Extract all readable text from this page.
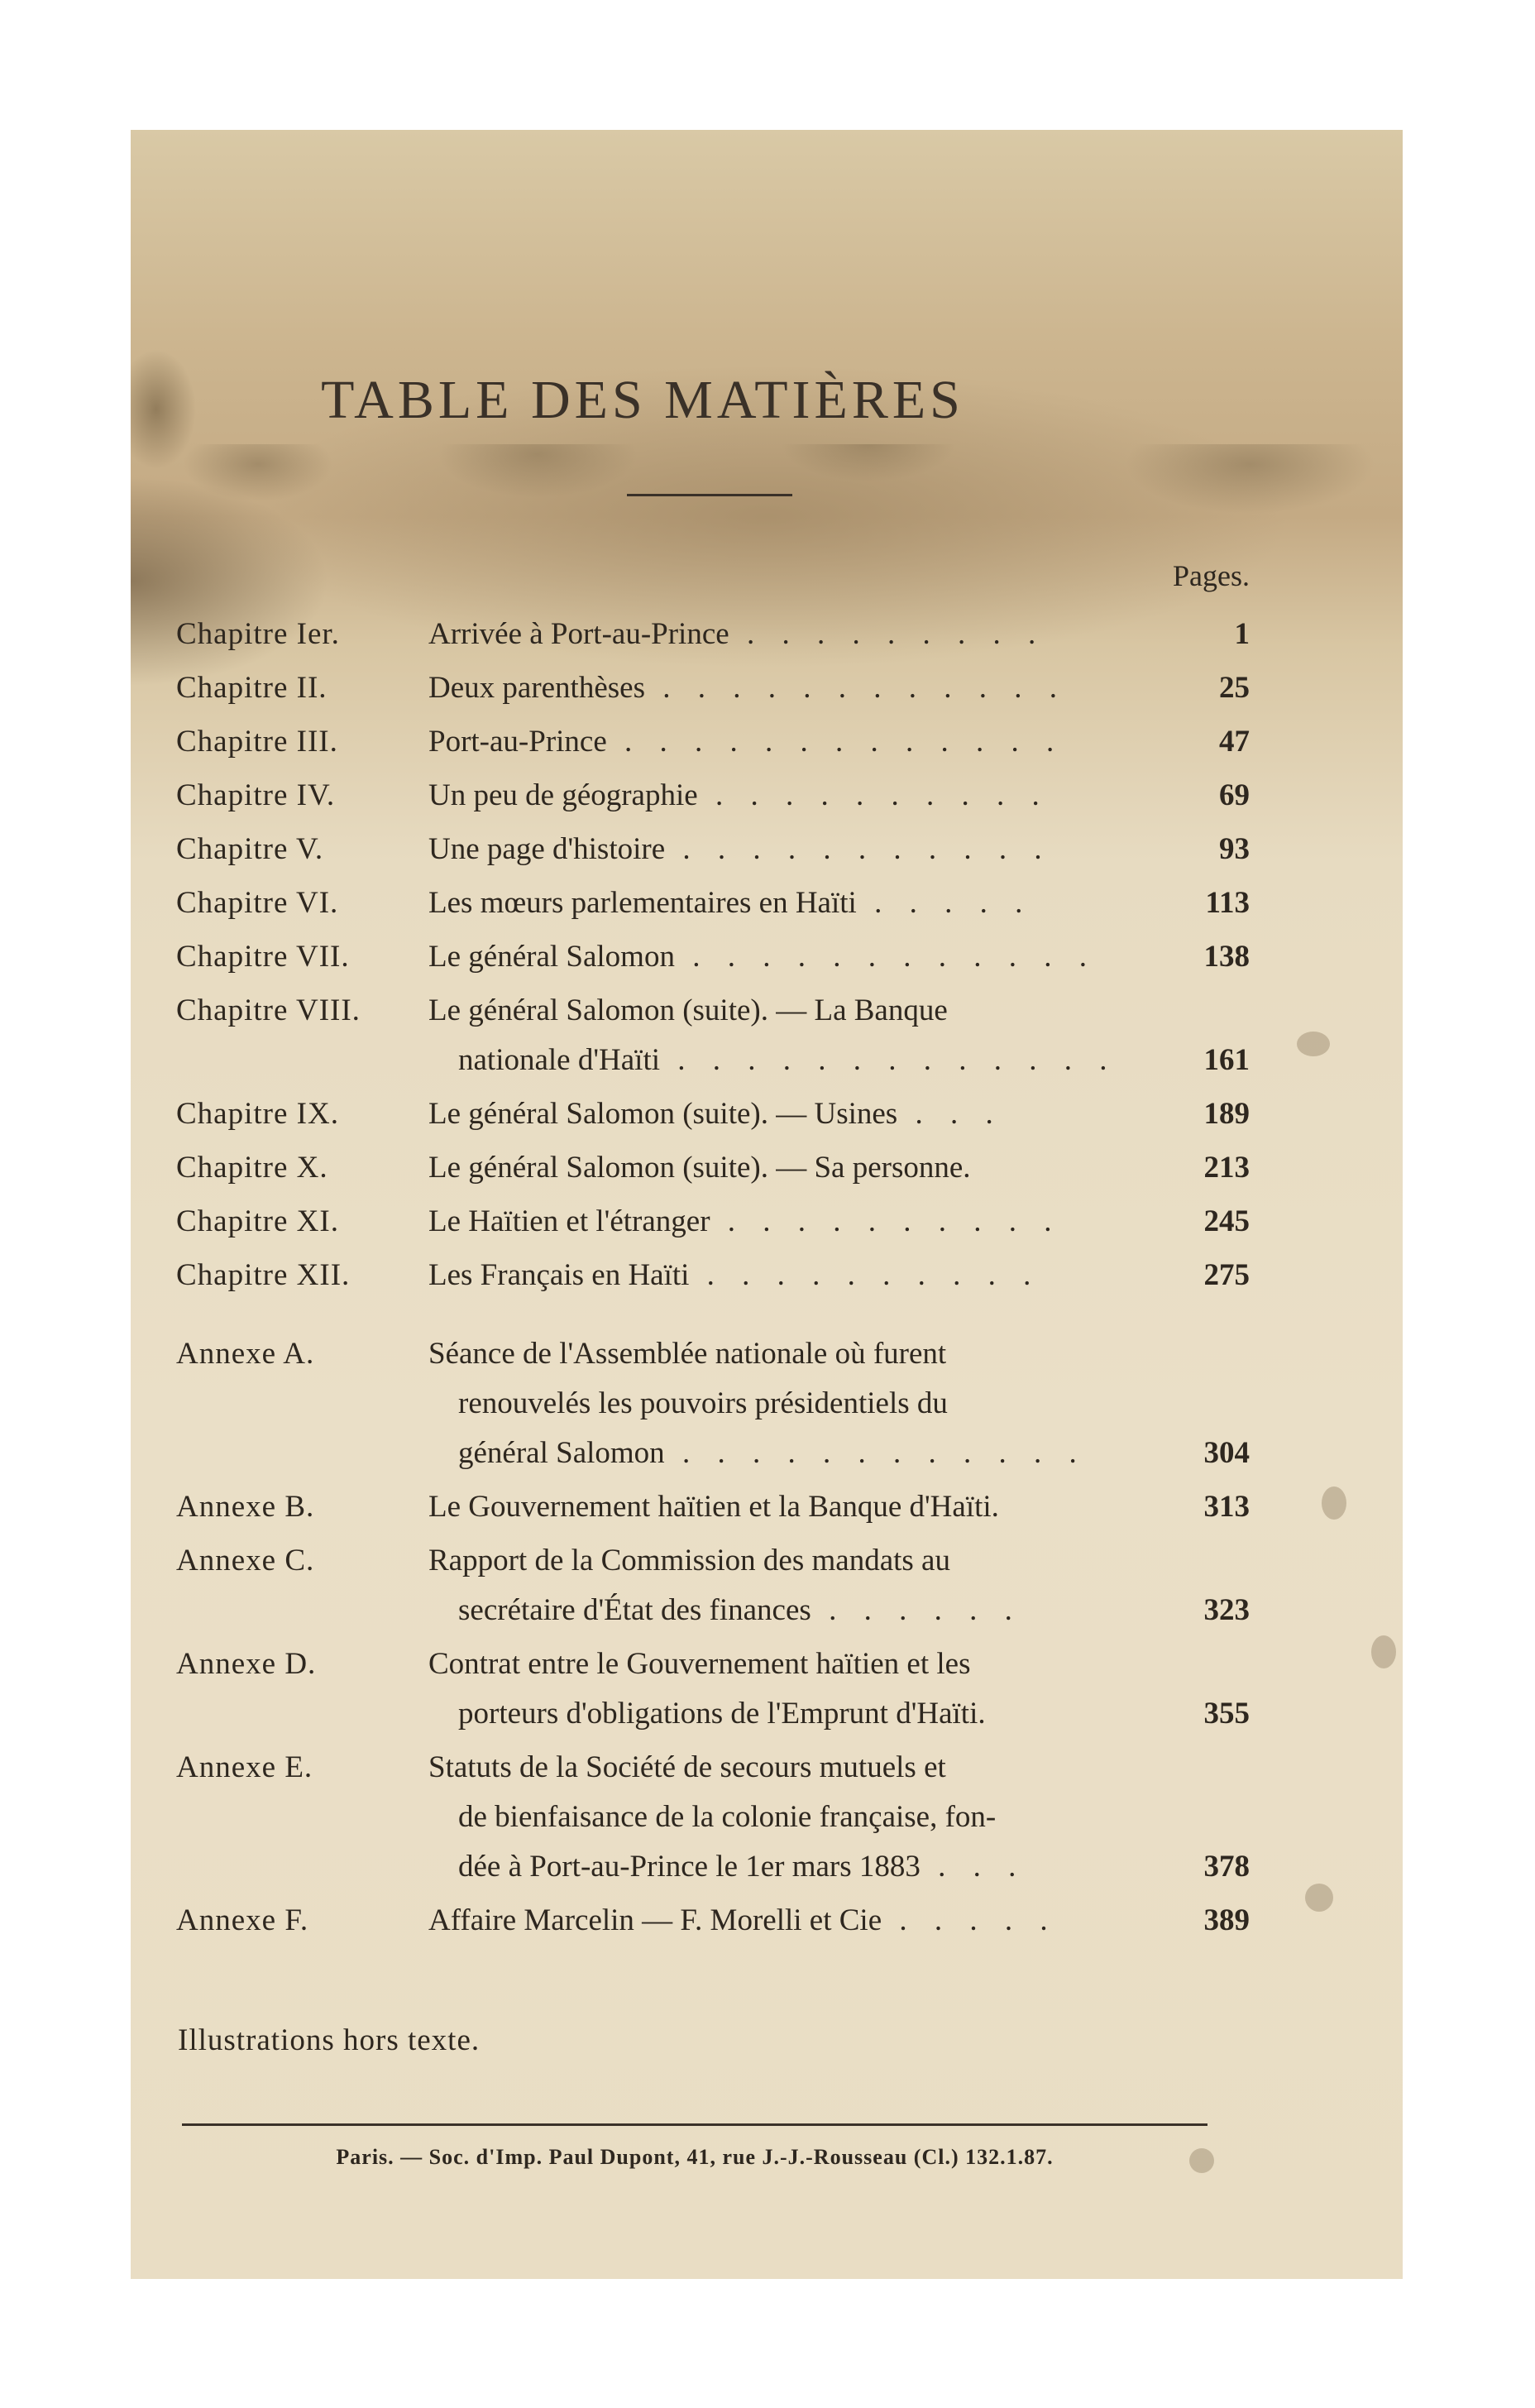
TABLE DES MATIÈRES
Pages.
Chapitre Ier.	Arrivée à Port-au-Prince . . . . . . . . .	1
Chapitre II.	Deux parenthèses . . . . . . . . . . . .	25
Chapitre III.	Port-au-Prince . . . . . . . . . . . . .	47
Chapitre IV.	Un peu de géographie . . . . . . . . . .	69
Chapitre V.	Une page d'histoire . . . . . . . . . . .	93
Chapitre VI.	Les mœurs parlementaires en Haïti . . . . .	113
Chapitre VII.	Le général Salomon . . . . . . . . . . . .	138
Chapitre VIII. Le général Salomon (suite). — La Banque
nationale d'Haïti . . . . . . . . . . . . .	161
Chapitre IX.	Le général Salomon (suite). — Usines . . .	189
Chapitre X.	Le général Salomon (suite). — Sa personne.	213
Chapitre XI.	Le Haïtien et l'étranger . . . . . . . . . .	245
Chapitre XII.	Les Français en Haïti . . . . . . . . . .	275
Annexe A.	Séance de l'Assemblée nationale où furent
renouvelés les pouvoirs présidentiels du
général Salomon . . . . . . . . . . . .	304
Annexe B.	Le Gouvernement haïtien et la Banque d'Haïti.	313
Annexe C.	Rapport de la Commission des mandats au
secrétaire d'État des finances . . . . . .	323
Annexe D.	Contrat entre le Gouvernement haïtien et les
porteurs d'obligations de l'Emprunt d'Haïti.	355
Annexe E.	Statuts de la Société de secours mutuels et
de bienfaisance de la colonie française, fon-
dée à Port-au-Prince le 1er mars 1883 . . .	378
Annexe F.	Affaire Marcelin — F. Morelli et Cie . . . . .	389
Illustrations hors texte.
Paris. — Soc. d'Imp. Paul Dupont, 41, rue J.-J.-Rousseau (Cl.) 132.1.87.
